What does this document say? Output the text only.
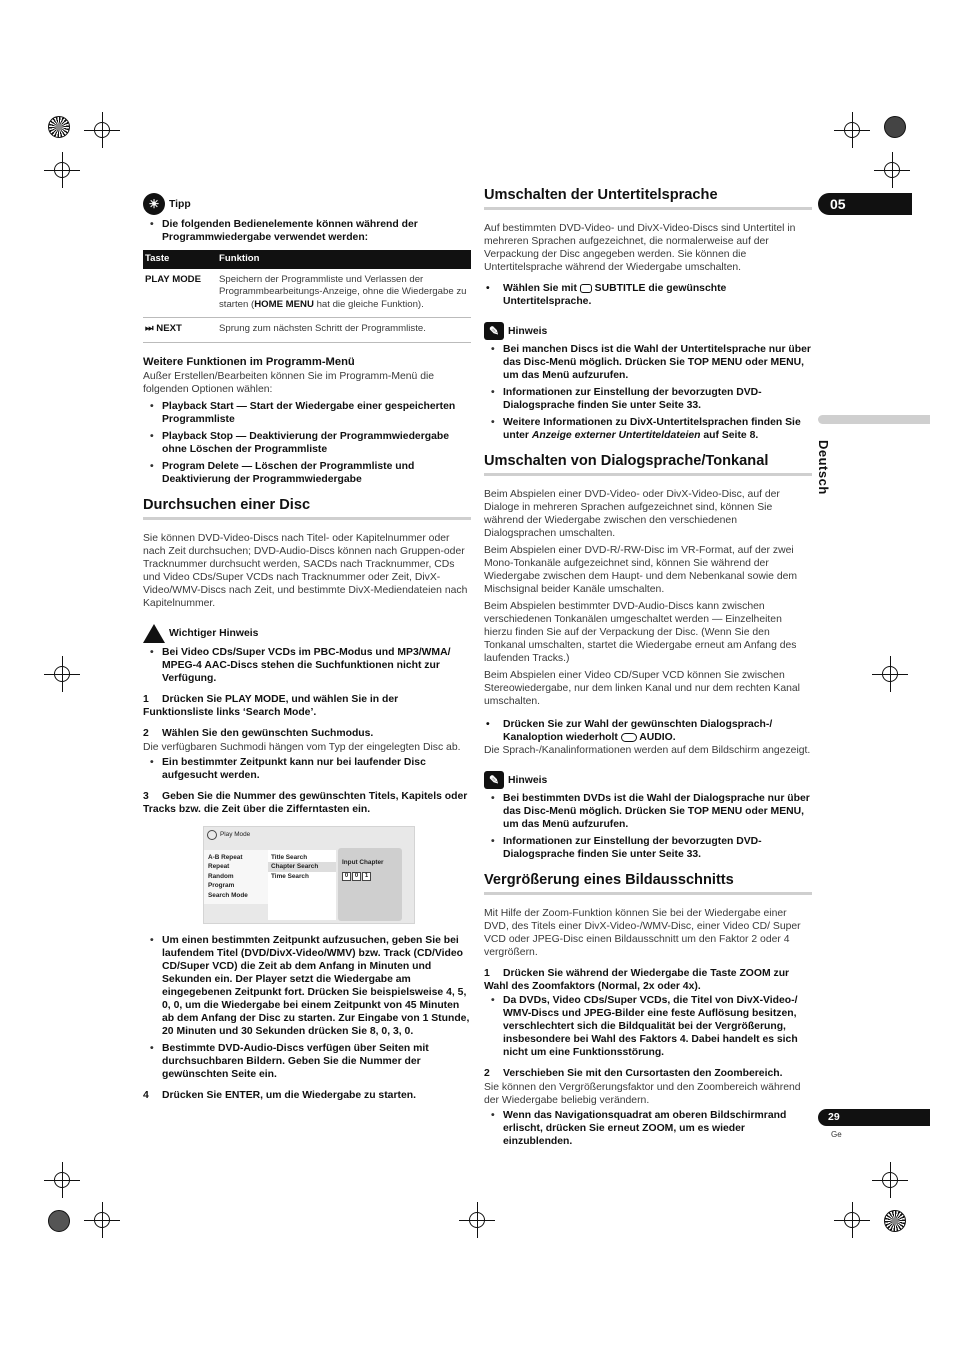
05
Deutsch
29
Ge
☀ Tipp
• Die folgenden Bedienelemente können während der Programmwiedergabe verwendet werden:
Taste	Funktion
PLAY MODE	Speichern der Programmliste und Verlassen der Programmbearbeitungs-Anzeige, ohne die Wiedergabe zu starten (HOME MENU hat die gleiche Funktion).
⏭ NEXT	Sprung zum nächsten Schritt der Programmliste.
Weitere Funktionen im Programm-Menü

Außer Erstellen/Bearbeiten können Sie im Programm-Menü die folgenden Optionen wählen:

• Playback Start — Start der Wiedergabe einer gespeicherten Programmliste
• Playback Stop — Deaktivierung der Programmwiedergabe ohne Löschen der Programmliste
• Program Delete — Löschen der Programmliste und Deaktivierung der Programmwiedergabe
Durchsuchen einer Disc

Sie können DVD-Video-Discs nach Titel- oder Kapitelnummer oder nach Zeit durchsuchen; DVD-Audio-Discs können nach Gruppen-oder Tracknummer durchsucht werden, SACDs nach Tracknummer, CDs und Video CDs/Super VCDs nach Tracknummer oder Zeit, DivX-Video/WMV-Discs nach Zeit, und bestimmte DivX-Mediendateien nach Kapitelnummer.

Wichtiger Hinweis
• Bei Video CDs/Super VCDs im PBC-Modus und MP3/WMA/ MPEG-4 AAC-Discs stehen die Suchfunktionen nicht zur Verfügung.
1 Drücken Sie PLAY MODE, und wählen Sie in der Funktionsliste links ‘Search Mode’.
2 Wählen Sie den gewünschten Suchmodus.

Die verfügbaren Suchmodi hängen vom Typ der eingelegten Disc ab.

• Ein bestimmter Zeitpunkt kann nur bei laufender Disc aufgesucht werden.
3 Geben Sie die Nummer des gewünschten Titels, Kapitels oder Tracks bzw. die Zeit über die Zifferntasten ein.
Play Mode
A-B Repeat
Repeat
Random
Program
Search Mode
Title Search
Chapter Search
Time Search
Input Chapter
0	0	1
• Um einen bestimmten Zeitpunkt aufzusuchen, geben Sie bei laufendem Titel (DVD/DivX-Video/WMV) bzw. Track (CD/Video CD/Super VCD) die Zeit ab dem Anfang in Minuten und Sekunden ein. Der Player setzt die Wiedergabe am eingegebenen Zeitpunkt fort. Drücken Sie beispielsweise 4, 5, 0, 0, um die Wiedergabe bei einem Zeitpunkt von 45 Minuten ab dem Anfang der Disc zu starten. Zur Eingabe von 1 Stunde, 20 Minuten und 30 Sekunden drücken Sie 8, 0, 3, 0.
• Bestimmte DVD-Audio-Discs verfügen über Seiten mit durchsuchbaren Bildern. Geben Sie die Nummer der gewünschten Seite ein.
4 Drücken Sie ENTER, um die Wiedergabe zu starten.
Umschalten der Untertitelsprache

Auf bestimmten DVD-Video- und DivX-Video-Discs sind Untertitel in mehreren Sprachen aufgezeichnet, die normalerweise auf der Verpackung der Disc angegeben werden. Sie können die Untertitelsprache während der Wiedergabe umschalten.

• Wählen Sie mit  SUBTITLE die gewünschte Untertitelsprache.
✎ Hinweis
• Bei manchen Discs ist die Wahl der Untertitelsprache nur über das Disc-Menü möglich. Drücken Sie TOP MENU oder MENU, um das Menü aufzurufen.
• Informationen zur Einstellung der bevorzugten DVD-Dialogsprache finden Sie unter Seite 33.
• Weitere Informationen zu DivX-Untertitelsprachen finden Sie unter Anzeige externer Untertiteldateien auf Seite 8.
Umschalten von Dialogsprache/Tonkanal

Beim Abspielen einer DVD-Video- oder DivX-Video-Disc, auf der Dialoge in mehreren Sprachen aufgezeichnet sind, können Sie während der Wiedergabe zwischen den verschiedenen Dialogsprachen umschalten.

Beim Abspielen einer DVD-R/-RW-Disc im VR-Format, auf der zwei Mono-Tonkanäle aufgezeichnet sind, können Sie während der Wiedergabe zwischen dem Haupt- und dem Nebenkanal sowie dem Mischsignal beider Kanäle umschalten.

Beim Abspielen bestimmter DVD-Audio-Discs kann zwischen verschiedenen Tonkanälen umgeschaltet werden — Einzelheiten hierzu finden Sie auf der Verpackung der Disc. (Wenn Sie den Tonkanal umschalten, startet die Wiedergabe erneut am Anfang des laufenden Tracks.)

Beim Abspielen einer Video CD/Super VCD können Sie zwischen Stereowiedergabe, nur dem linken Kanal und nur dem rechten Kanal umschalten.

• Drücken Sie zur Wahl der gewünschten Dialogsprach-/ Kanaloption wiederholt  AUDIO.

Die Sprach-/Kanalinformationen werden auf dem Bildschirm angezeigt.

✎ Hinweis
• Bei bestimmten DVDs ist die Wahl der Dialogsprache nur über das Disc-Menü möglich. Drücken Sie TOP MENU oder MENU, um das Menü aufzurufen.
• Informationen zur Einstellung der bevorzugten DVD-Dialogsprache finden Sie unter Seite 33.
Vergrößerung eines Bildausschnitts

Mit Hilfe der Zoom-Funktion können Sie bei der Wiedergabe einer DVD, des Titels einer DivX-Video-/WMV-Disc, einer Video CD/ Super VCD oder JPEG-Disc einen Bildausschnitt um den Faktor 2 oder 4 vergrößern.

1 Drücken Sie während der Wiedergabe die Taste ZOOM zur Wahl des Zoomfaktors (Normal, 2x oder 4x).
• Da DVDs, Video CDs/Super VCDs, die Titel von DivX-Video-/ WMV-Discs und JPEG-Bilder eine feste Auflösung besitzen, verschlechtert sich die Bildqualität bei der Vergrößerung, insbesondere bei Wahl des Faktors 4. Dabei handelt es sich nicht um eine Funktionsstörung.
2 Verschieben Sie mit den Cursortasten den Zoombereich.

Sie können den Vergrößerungsfaktor und den Zoombereich während der Wiedergabe beliebig verändern.

• Wenn das Navigationsquadrat am oberen Bildschirmrand erlischt, drücken Sie erneut ZOOM, um es wieder einzublenden.
